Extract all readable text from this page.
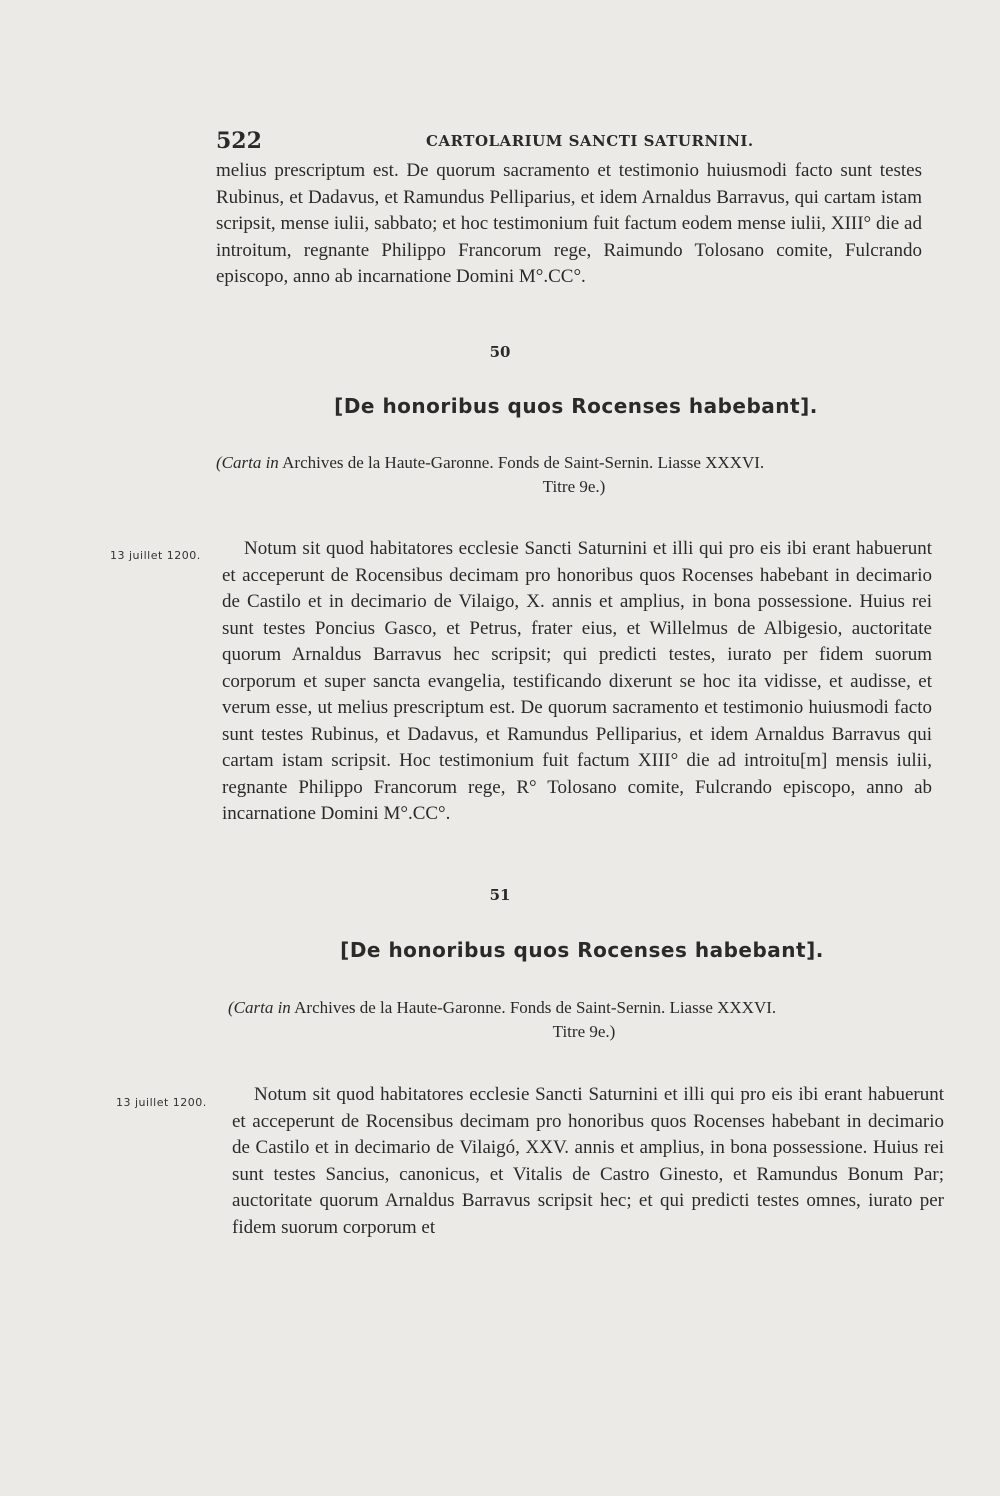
522	CARTOLARIUM SANCTI SATURNINI.

melius prescriptum est. De quorum sacramento et testimonio huiusmodi facto sunt testes Rubinus, et Dadavus, et Ramundus Pelliparius, et idem Arnaldus Barravus, qui cartam istam scripsit, mense iulii, sabbato; et hoc testimonium fuit factum eodem mense iulii, XIII° die ad introitum, regnante Philippo Francorum rege, Raimundo Tolosano comite, Fulcrando episcopo, anno ab incarnatione Domini M°.CC°.

50
[De honoribus quos Rocenses habebant].

(Carta in Archives de la Haute-Garonne. Fonds de Saint-Sernin. Liasse XXXVI.
Titre 9e.)

13 juillet 1200.	Notum sit quod habitatores ecclesie Sancti Saturnini et illi qui pro eis ibi erant habuerunt et acceperunt de Rocensibus decimam pro honoribus quos Rocenses habebant in decimario de Castilo et in decimario de Vilaigo, X. annis et amplius, in bona possessione. Huius rei sunt testes Poncius Gasco, et Petrus, frater eius, et Willelmus de Albigesio, auctoritate quorum Arnaldus Barravus hec scripsit; qui predicti testes, iurato per fidem suorum corporum et super sancta evangelia, testificando dixerunt se hoc ita vidisse, et audisse, et verum esse, ut melius prescriptum est. De quorum sacramento et testimonio huiusmodi facto sunt testes Rubinus, et Dadavus, et Ramundus Pelliparius, et idem Arnaldus Barravus qui cartam istam scripsit. Hoc testimonium fuit factum XIII° die ad introitu[m] mensis iulii, regnante Philippo Francorum rege, R° Tolosano comite, Fulcrando episcopo, anno ab incarnatione Domini M°.CC°.

51
[De honoribus quos Rocenses habebant].

(Carta in Archives de la Haute-Garonne. Fonds de Saint-Sernin. Liasse XXXVI.
Titre 9e.)

13 juillet 1200.	Notum sit quod habitatores ecclesie Sancti Saturnini et illi qui pro eis ibi erant habuerunt et acceperunt de Rocensibus decimam pro honoribus quos Rocenses habebant in decimario de Castilo et in decimario de Vilaigó, XXV. annis et amplius, in bona possessione. Huius rei sunt testes Sancius, canonicus, et Vitalis de Castro Ginesto, et Ramundus Bonum Par; auctoritate quorum Arnaldus Barravus scripsit hec; et qui predicti testes omnes, iurato per fidem suorum corporum et
